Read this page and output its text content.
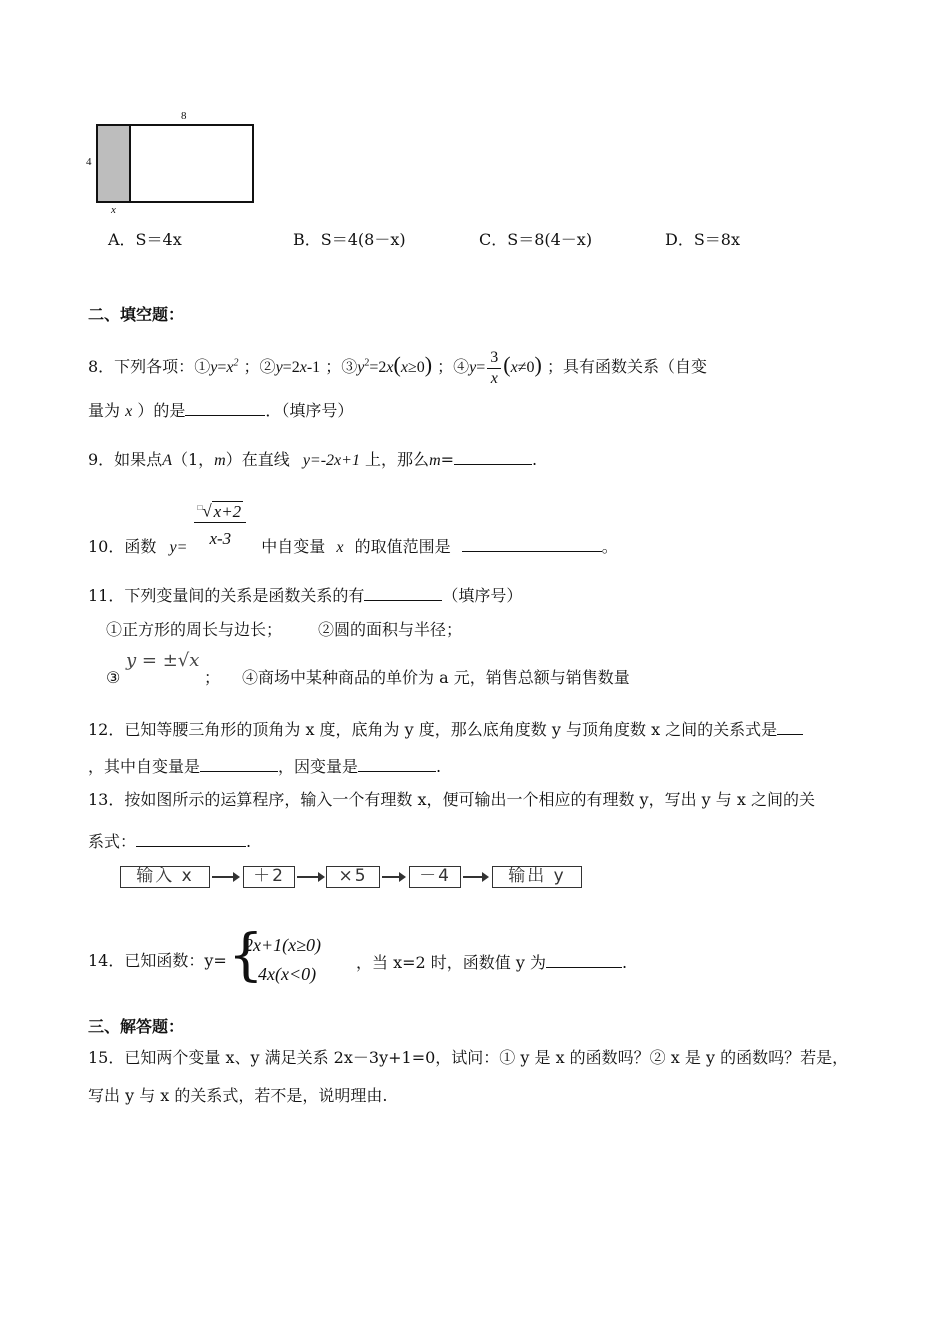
8
4
x
A．S＝4x	B．S＝4(8－x)	C．S＝8(4－x)	D．S＝8x
二、填空题：
8．下列各项：$①y=x^2$ ；②y=2x-1 ；$③y^2=2x(x\ge 0)$ ；④y= $\frac{3}{x} (x\ne 0)$ ；具有函数关系（自变
量为 x ）的是	．（填序号）
9．如果点A（1，m）在直线 y=-2x+1 上，那么m=	.
10．函数 $y= \frac{^□√ x+2}{x-3}$ 中自变量 x 的取值范围是	。
11．下列变量间的关系是函数关系的有	（填序号）
①正方形的周长与边长； ②圆的面积与半径；
③
y = ±√x
； ④商场中某种商品的单价为 a 元，销售总额与销售数量
12．已知等腰三角形的顶角为 x 度，底角为 y 度，那么底角度数 y 与顶角度数 x 之间的关系式是
，其中自变量是	，因变量是	.
13．按如图所示的运算程序，输入一个有理数 x，便可输出一个相应的有理数 y，写出 y 与 x 之间的关
系式：	.
输入 x	＋2	×5	－4	输出 y
14．已知函数：y= {
2x+1(x≥0)
4x(x<0)
，当 x=2 时，函数值 y 为	.
三、解答题：
15．已知两个变量 x、y 满足关系 2x－3y+1=0，试问：① y 是 x 的函数吗？② x 是 y 的函数吗？若是，
写出 y 与 x 的关系式，若不是，说明理由.
